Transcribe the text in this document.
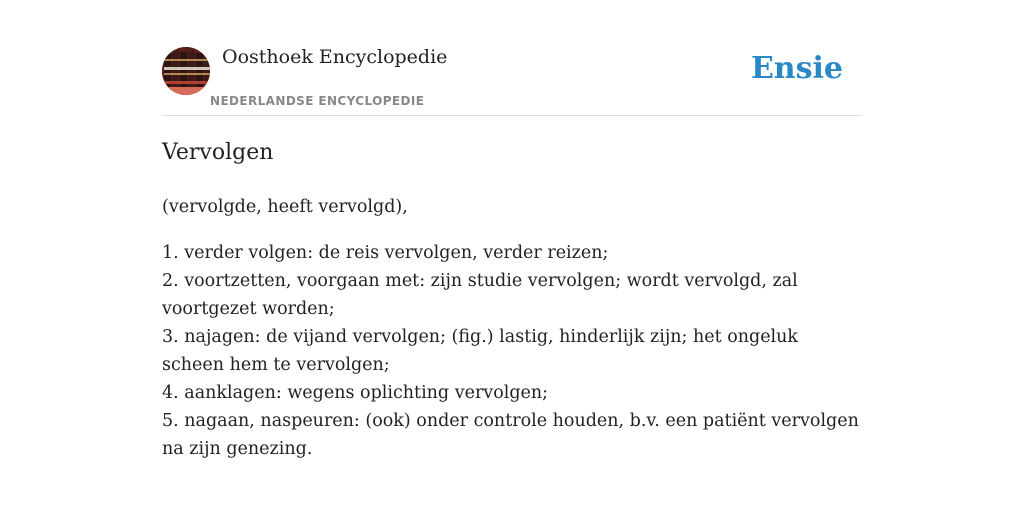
Oosthoek Encyclopedie
NEDERLANDSE ENCYCLOPEDIE
Ensie
Vervolgen

(vervolgde, heeft vervolgd),

1. verder volgen: de reis vervolgen, verder reizen;
2. voortzetten, voorgaan met: zijn studie vervolgen; wordt vervolgd, zal voortgezet worden;
3. najagen: de vijand vervolgen; (fig.) lastig, hinderlijk zijn; het ongeluk scheen hem te vervolgen;
4. aanklagen: wegens oplichting vervolgen;
5. nagaan, naspeuren: (ook) onder controle houden, b.v. een patiënt vervolgen na zijn genezing.
